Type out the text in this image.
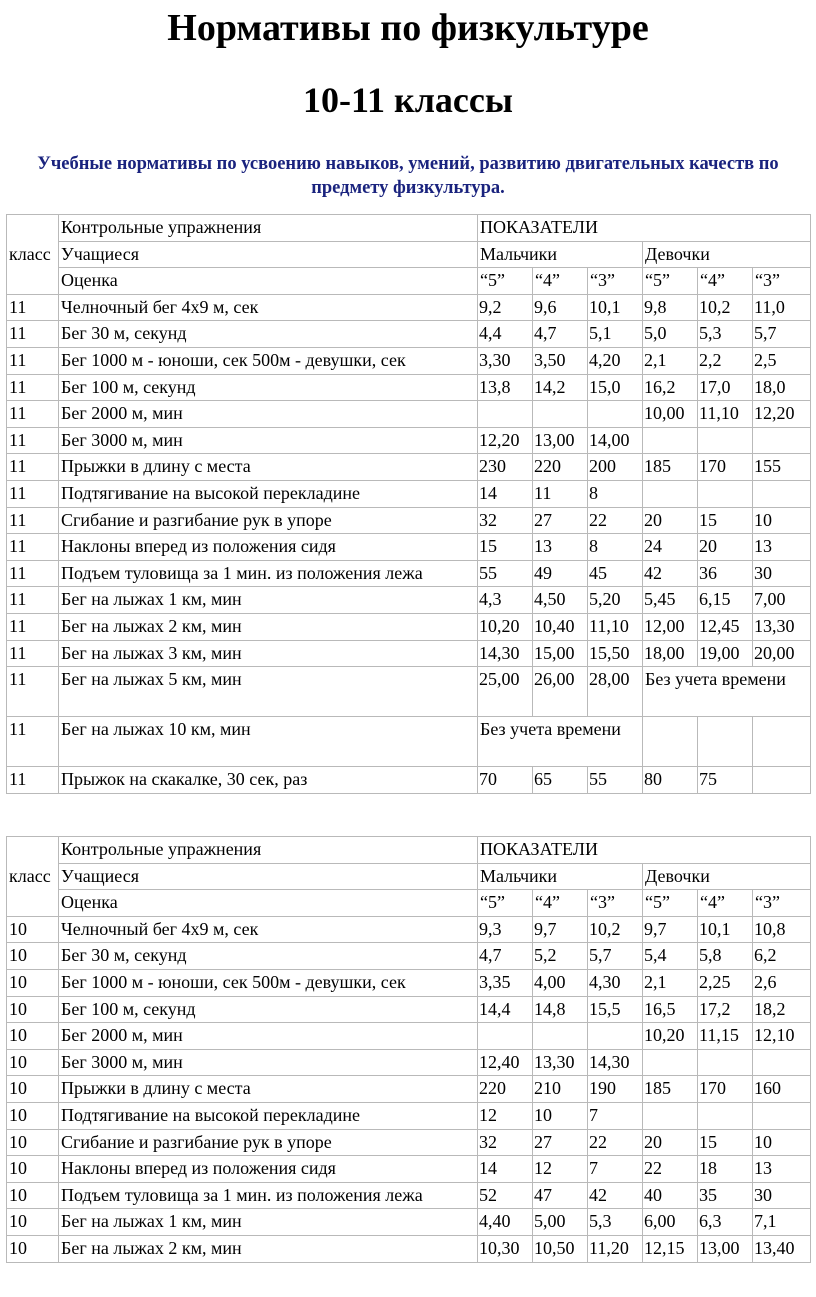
Нормативы по физкультуре
10-11 классы

Учебные нормативы по усвоению навыков, умений, развитию двигательных качеств по предмету физкультура.

класс	Контрольные упражнения	ПОКАЗАТЕЛИ					
	Учащиеся	Мальчики			Девочки		
	Оценка	“5”	“4”	“3”	“5”	“4”	“3”
11	Челночный бег 4х9 м, сек	9,2	9,6	10,1	9,8	10,2	11,0
11	Бег 30 м, секунд	4,4	4,7	5,1	5,0	5,3	5,7
11	Бег 1000 м - юноши, сек 500м - девушки, сек	3,30	3,50	4,20	2,1	2,2	2,5
11	Бег 100 м, секунд	13,8	14,2	15,0	16,2	17,0	18,0
11	Бег 2000 м, мин				10,00	11,10	12,20
11	Бег 3000 м, мин	12,20	13,00	14,00			
11	Прыжки в длину с места	230	220	200	185	170	155
11	Подтягивание на высокой перекладине	14	11	8			
11	Сгибание и разгибание рук в упоре	32	27	22	20	15	10
11	Наклоны вперед из положения сидя	15	13	8	24	20	13
11	Подъем туловища за 1 мин. из положения лежа	55	49	45	42	36	30
11	Бег на лыжах 1 км, мин	4,3	4,50	5,20	5,45	6,15	7,00
11	Бег на лыжах 2 км, мин	10,20	10,40	11,10	12,00	12,45	13,30
11	Бег на лыжах 3 км, мин	14,30	15,00	15,50	18,00	19,00	20,00
11	Бег на лыжах 5 км, мин	25,00	26,00	28,00	Без учета времени		
11	Бег на лыжах 10 км, мин	Без учета времени					
11	Прыжок на скакалке, 30 сек, раз	70	65	55	80	75	
класс	Контрольные упражнения	ПОКАЗАТЕЛИ					
	Учащиеся	Мальчики			Девочки		
	Оценка	“5”	“4”	“3”	“5”	“4”	“3”
10	Челночный бег 4х9 м, сек	9,3	9,7	10,2	9,7	10,1	10,8
10	Бег 30 м, секунд	4,7	5,2	5,7	5,4	5,8	6,2
10	Бег 1000 м - юноши, сек 500м - девушки, сек	3,35	4,00	4,30	2,1	2,25	2,6
10	Бег 100 м, секунд	14,4	14,8	15,5	16,5	17,2	18,2
10	Бег 2000 м, мин				10,20	11,15	12,10
10	Бег 3000 м, мин	12,40	13,30	14,30			
10	Прыжки в длину с места	220	210	190	185	170	160
10	Подтягивание на высокой перекладине	12	10	7			
10	Сгибание и разгибание рук в упоре	32	27	22	20	15	10
10	Наклоны вперед из положения сидя	14	12	7	22	18	13
10	Подъем туловища за 1 мин. из положения лежа	52	47	42	40	35	30
10	Бег на лыжах 1 км, мин	4,40	5,00	5,3	6,00	6,3	7,1
10	Бег на лыжах 2 км, мин	10,30	10,50	11,20	12,15	13,00	13,40
